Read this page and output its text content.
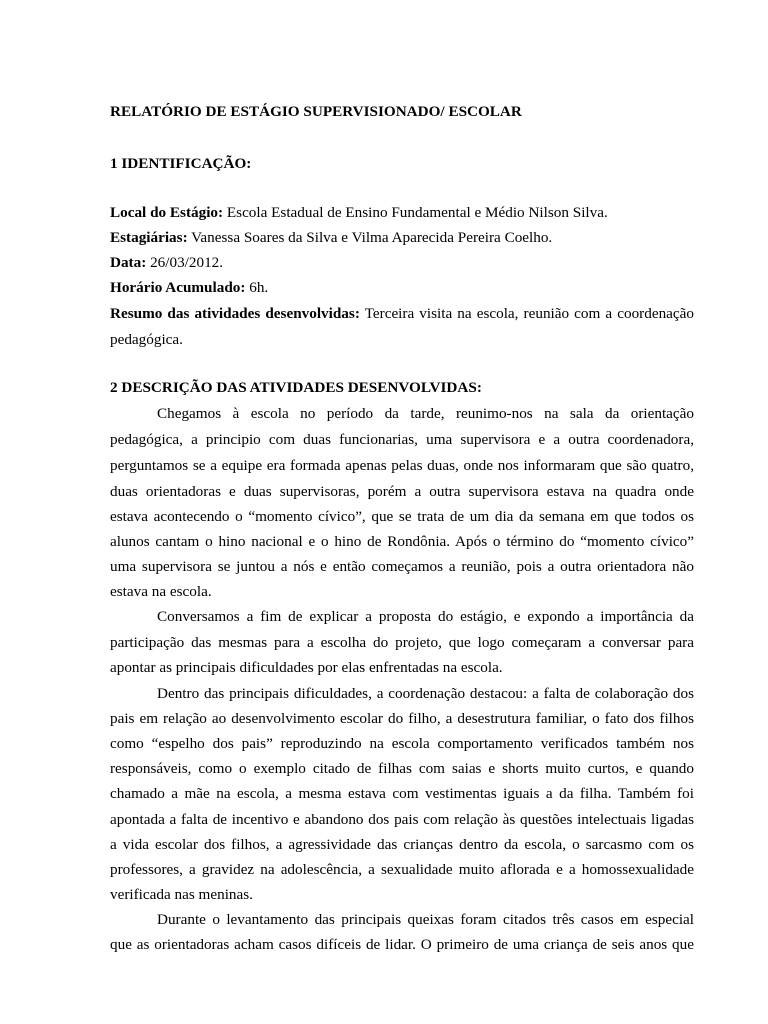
RELATÓRIO DE ESTÁGIO SUPERVISIONADO/ ESCOLAR
1 IDENTIFICAÇÃO:
Local do Estágio: Escola Estadual de Ensino Fundamental e Médio Nilson Silva.
Estagiárias: Vanessa Soares da Silva e Vilma Aparecida Pereira Coelho.
Data: 26/03/2012.
Horário Acumulado: 6h.
Resumo das atividades desenvolvidas: Terceira visita na escola, reunião com a coordenação
pedagógica.
2 DESCRIÇÃO DAS ATIVIDADES DESENVOLVIDAS:
Chegamos à escola no período da tarde, reunimo-nos na sala da orientação
pedagógica, a principio com duas funcionarias, uma supervisora e a outra coordenadora,
perguntamos se a equipe era formada apenas pelas duas, onde nos informaram que são quatro,
duas orientadoras e duas supervisoras, porém a outra supervisora estava na quadra onde
estava acontecendo o “momento cívico”, que se trata de um dia da semana em que todos os
alunos cantam o hino nacional e o hino de Rondônia. Após o término do “momento cívico”
uma supervisora se juntou a nós e então começamos a reunião, pois a outra orientadora não
estava na escola.
Conversamos a fim de explicar a proposta do estágio, e expondo a importância da
participação das mesmas para a escolha do projeto, que logo começaram a conversar para
apontar as principais dificuldades por elas enfrentadas na escola.
Dentro das principais dificuldades, a coordenação destacou: a falta de colaboração dos
pais em relação ao desenvolvimento escolar do filho, a desestrutura familiar, o fato dos filhos
como “espelho dos pais” reproduzindo na escola comportamento verificados também nos
responsáveis, como o exemplo citado de filhas com saias e shorts muito curtos, e quando
chamado a mãe na escola, a mesma estava com vestimentas iguais a da filha. Também foi
apontada a falta de incentivo e abandono dos pais com relação às questões intelectuais ligadas
a vida escolar dos filhos, a agressividade das crianças dentro da escola, o sarcasmo com os
professores, a gravidez na adolescência, a sexualidade muito aflorada e a homossexualidade
verificada nas meninas.
Durante o levantamento das principais queixas foram citados três casos em especial
que as orientadoras acham casos difíceis de lidar. O primeiro de uma criança de seis anos que
